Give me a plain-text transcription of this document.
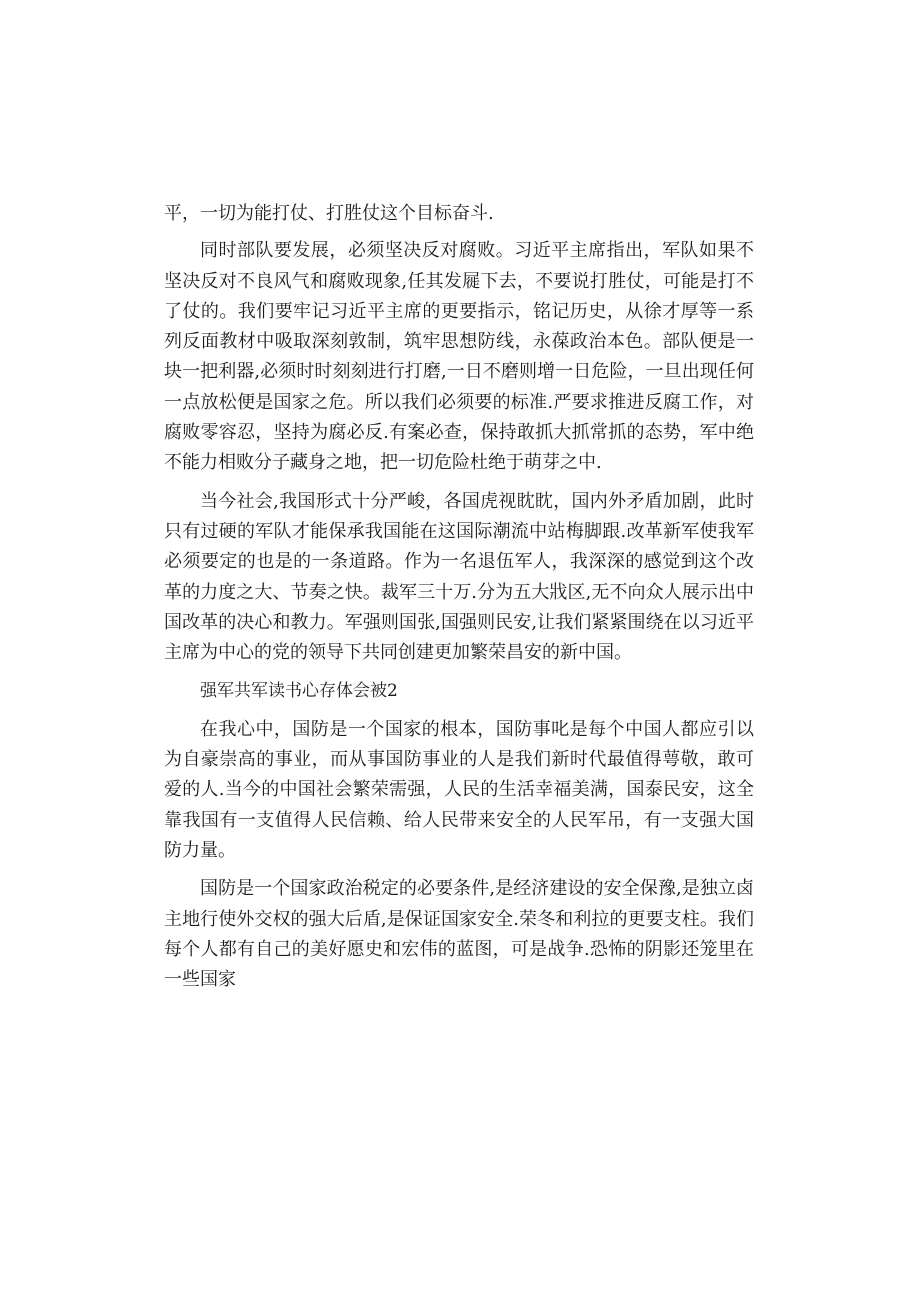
平，一切为能打仗、打胜仗这个目标奋斗.

同时部队要发展，必须坚决反对腐败。习近平主席指出，军队如果不坚决反对不良风气和腐败现象,任其发屣下去，不要说打胜仗，可能是打不了仗的。我们要牢记习近平主席的更要指示，铭记历史，从徐才厚等一系列反面教材中吸取深刻敦制，筑牢思想防线，永葆政治本色。部队便是一块一把利器,必须时时刻刻进行打磨,一日不磨则增一日危险，一旦出现任何一点放松便是国家之危。所以我们必须要的标准.严要求推进反腐工作，对腐败零容忍，坚持为腐必反.有案必查，保持敢抓大抓常抓的态势，军中绝不能力相败分子藏身之地，把一切危险杜绝于萌芽之中.

当今社会,我国形式十分严峻，各国虎视眈眈，国内外矛盾加剧，此时只有过硬的军队才能保承我国能在这国际潮流中站梅脚跟.改革新军使我军必须要定的也是的一条道路。作为一名退伍军人，我深深的感觉到这个改革的力度之大、节奏之快。裁军三十万.分为五大戕区,无不向众人展示出中国改革的决心和教力。军强则国张,国强则民安,让我们紧紧围绕在以习近平主席为中心的党的领导下共同创建更加繁荣昌安的新中国。

强军共军读书心存体会被2

在我心中，国防是一个国家的根本，国防事叱是每个中国人都应引以为自豪崇高的事业，而从事国防事业的人是我们新时代最值得萼敬，敢可爱的人.当今的中国社会繁荣需强，人民的生活幸福美满，国泰民安，这全靠我国有一支值得人民信赖、给人民带来安全的人民军吊，有一支强大国防力量。

国防是一个国家政治税定的必要条件,是经济建设的安全保豫,是独立卤主地行使外交权的强大后盾,是保证国家安全.荣冬和利拉的更要支柱。我们每个人都有自己的美好愿史和宏伟的蓝图，可是战争.恐怖的阴影还笼里在一些国家
